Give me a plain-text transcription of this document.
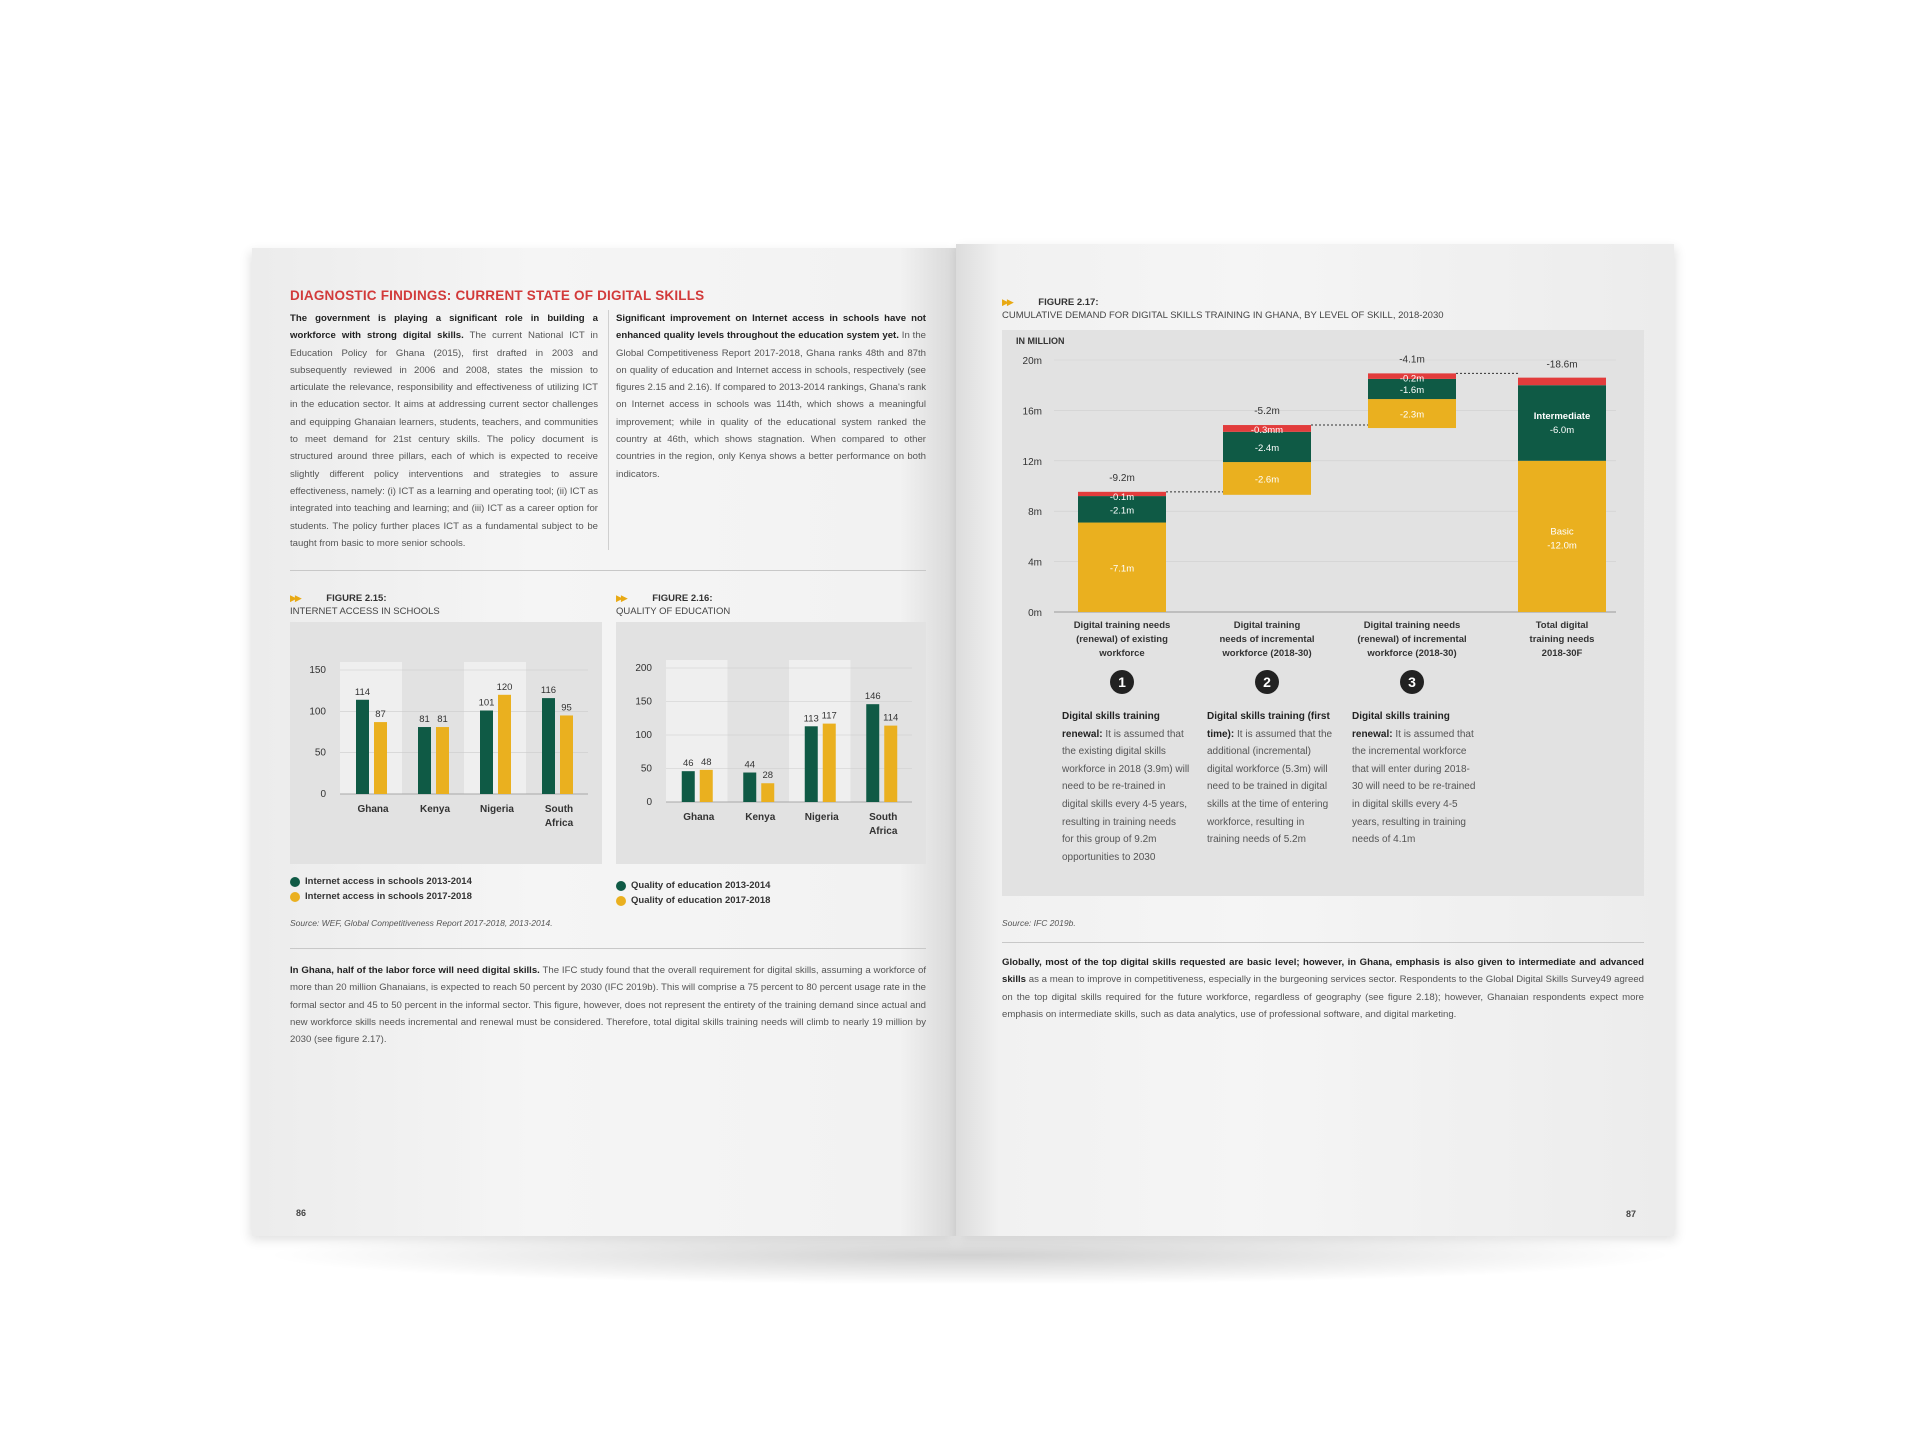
DIAGNOSTIC FINDINGS: CURRENT STATE OF DIGITAL SKILLS
The government is playing a significant role in building a workforce with strong digital skills. The current National ICT in Education Policy for Ghana (2015), first drafted in 2003 and subsequently reviewed in 2006 and 2008, states the mission to articulate the relevance, responsibility and effectiveness of utilizing ICT in the education sector. It aims at addressing current sector challenges and equipping Ghanaian learners, students, teachers, and communities to meet demand for 21st century skills. The policy document is structured around three pillars, each of which is expected to receive slightly different policy interventions and strategies to assure effectiveness, namely: (i) ICT as a learning and operating tool; (ii) ICT as integrated into teaching and learning; and (iii) ICT as a career option for students. The policy further places ICT as a fundamental subject to be taught from basic to more senior schools.
Significant improvement on Internet access in schools have not enhanced quality levels throughout the education system yet. In the Global Competitiveness Report 2017-2018, Ghana ranks 48th and 87th on quality of education and Internet access in schools, respectively (see figures 2.15 and 2.16). If compared to 2013-2014 rankings, Ghana's rank on Internet access in schools was 114th, which shows a meaningful improvement; while in quality of the educational system ranked the country at 46th, which shows stagnation. When compared to other countries in the region, only Kenya shows a better performance on both indicators.
▶▶	FIGURE 2.15:
INTERNET ACCESS IN SCHOOLS
▶▶	FIGURE 2.16:
QUALITY OF EDUCATION
0
50
100
150
114
87
Ghana
81 81
Kenya
101
120
Nigeria
116
95
South
Africa
0
50
100
150
200
46 48
Ghana
44
28
Kenya
113 117
Nigeria
146
114
South
Africa
Internet access in schools 2013-2014
Internet access in schools 2017-2018
Quality of education 2013-2014
Quality of education 2017-2018
Source: WEF, Global Competitiveness Report 2017-2018, 2013-2014.
In Ghana, half of the labor force will need digital skills. The IFC study found that the overall requirement for digital skills, assuming a workforce of more than 20 million Ghanaians, is expected to reach 50 percent by 2030 (IFC 2019b). This will comprise a 75 percent to 80 percent usage rate in the formal sector and 45 to 50 percent in the informal sector. This figure, however, does not represent the entirety of the training demand since actual and new workforce skills needs incremental and renewal must be considered. Therefore, total digital skills training needs will climb to nearly 19 million by 2030 (see figure 2.17).
86
▶▶	FIGURE 2.17:
CUMULATIVE DEMAND FOR DIGITAL SKILLS TRAINING IN GHANA, BY LEVEL OF SKILL, 2018-2030
IN MILLION
0m
4m
8m
12m
16m
20m
-7.1m
-2.1m
-0.1m
-9.2m	-2.6m
-2.4m
-0.3mm
-5.2m	-2.3m
-1.6m
-0.2m
-4.1m
Basic
-12.0m
Intermediate
-6.0m
-18.6m
Digital training needs
(renewal) of existing
workforce
Digital training
needs of incremental
workforce (2018-30)
Digital training needs
(renewal) of incremental
workforce (2018-30)
Total digital
training needs
2018-30F
1	2	3
Digital skills training renewal: It is assumed that the existing digital skills workforce in 2018 (3.9m) will need to be re-trained in digital skills every 4-5 years, resulting in training needs for this group of 9.2m opportunities to 2030
Digital skills training (first time): It is assumed that the additional (incremental) digital workforce (5.3m) will need to be trained in digital skills at the time of entering workforce, resulting in training needs of 5.2m
Digital skills training renewal: It is assumed that the incremental workforce that will enter during 2018-30 will need to be re-trained in digital skills every 4-5 years, resulting in training needs of 4.1m
Source: IFC 2019b.
Globally, most of the top digital skills requested are basic level; however, in Ghana, emphasis is also given to intermediate and advanced skills as a mean to improve in competitiveness, especially in the burgeoning services sector. Respondents to the Global Digital Skills Survey49 agreed on the top digital skills required for the future workforce, regardless of geography (see figure 2.18); however, Ghanaian respondents expect more emphasis on intermediate skills, such as data analytics, use of professional software, and digital marketing.
87
